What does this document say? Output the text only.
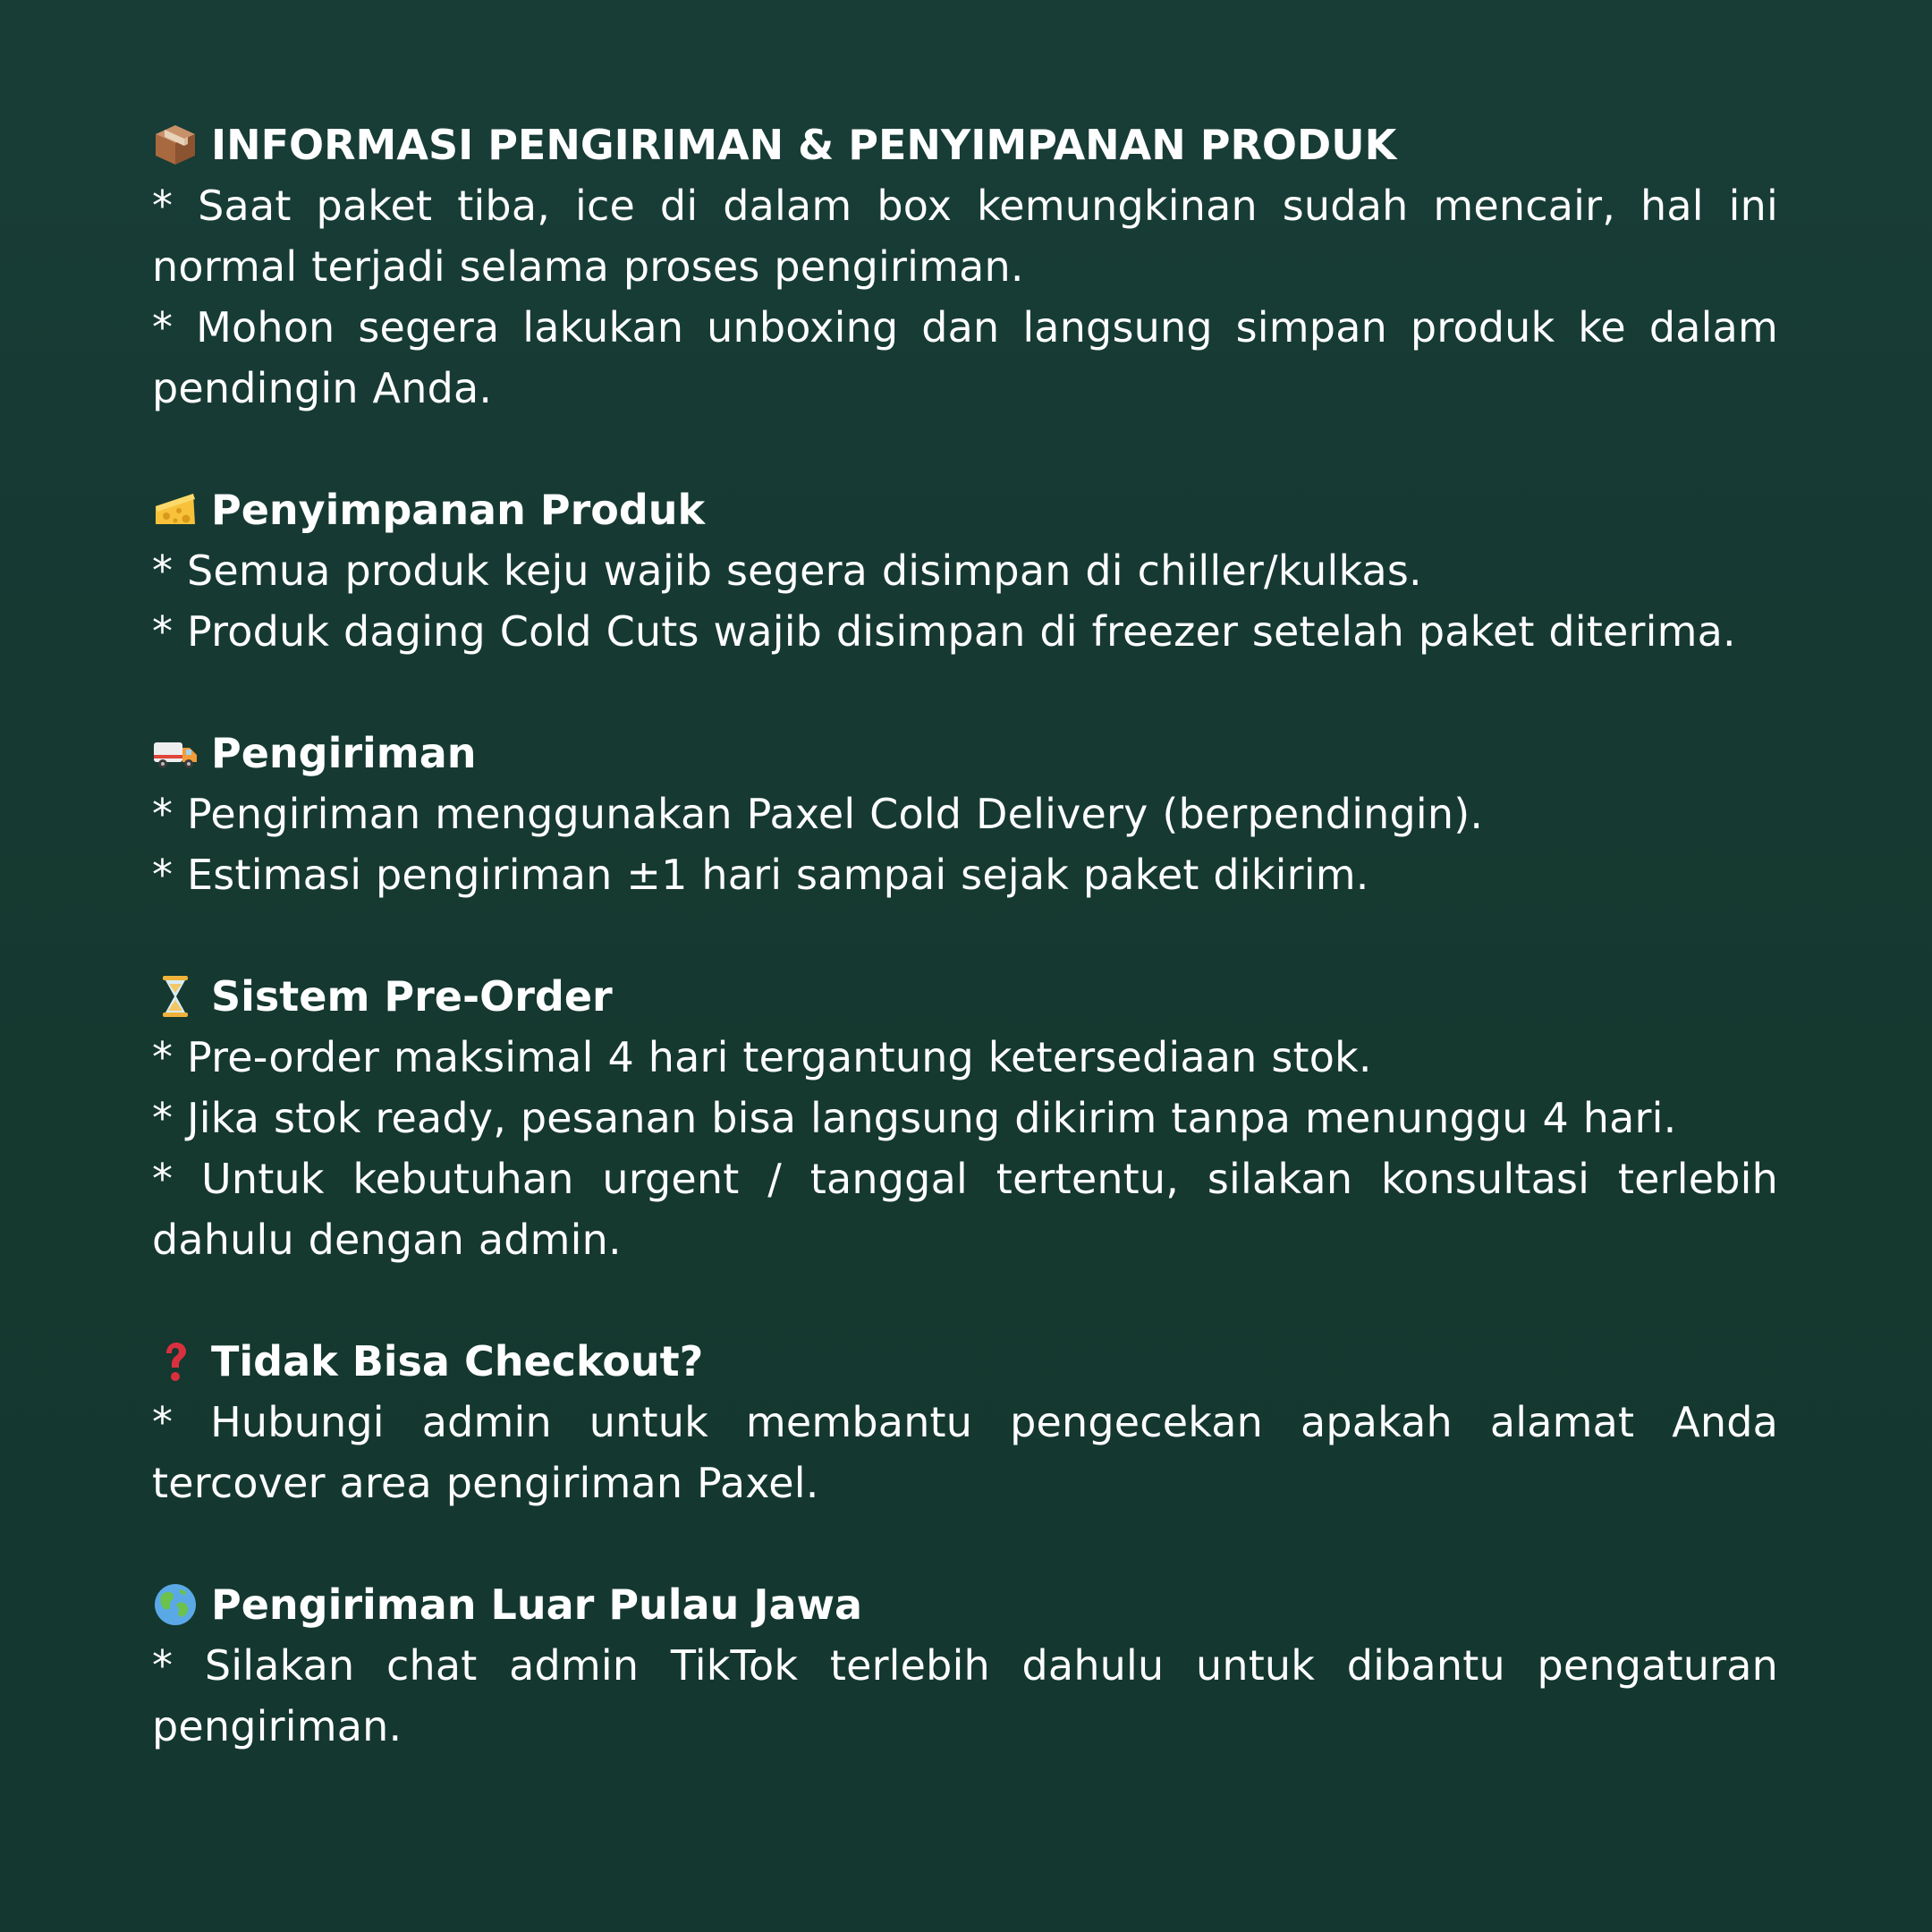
INFORMASI PENGIRIMAN & PENYIMPANAN PRODUK
* Saat paket tiba, ice di dalam box kemungkinan sudah mencair, hal ini normal terjadi selama proses pengiriman.
* Mohon segera lakukan unboxing dan langsung simpan produk ke dalam pendingin Anda.
Penyimpanan Produk
* Semua produk keju wajib segera disimpan di chiller/kulkas.
* Produk daging Cold Cuts wajib disimpan di freezer setelah paket diterima.
Pengiriman
* Pengiriman menggunakan Paxel Cold Delivery (berpendingin).
* Estimasi pengiriman ±1 hari sampai sejak paket dikirim.
Sistem Pre-Order
* Pre-order maksimal 4 hari tergantung ketersediaan stok.
* Jika stok ready, pesanan bisa langsung dikirim tanpa menunggu 4 hari.
* Untuk kebutuhan urgent / tanggal tertentu, silakan konsultasi terlebih dahulu dengan admin.
Tidak Bisa Checkout?
* Hubungi admin untuk membantu pengecekan apakah alamat Anda tercover area pengiriman Paxel.
Pengiriman Luar Pulau Jawa
* Silakan chat admin TikTok terlebih dahulu untuk dibantu pengaturan pengiriman.
